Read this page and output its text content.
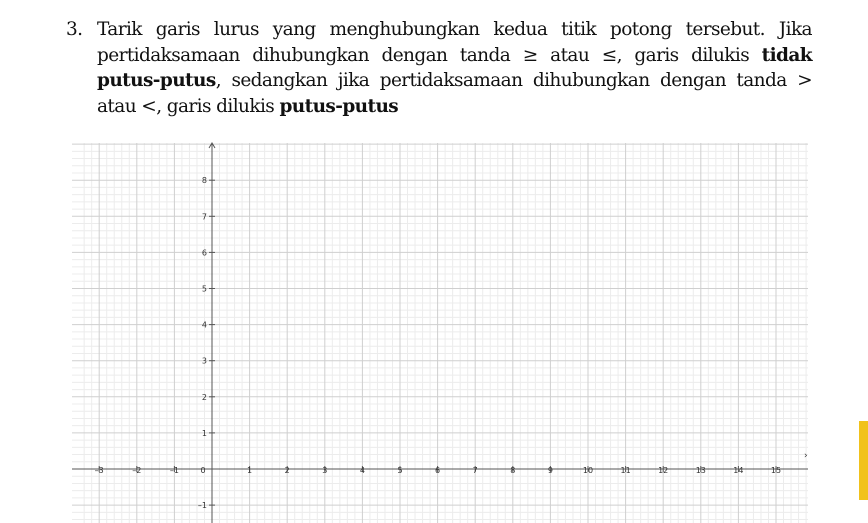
3. Tarik garis lurus yang menghubungkan kedua titik potong tersebut. Jika pertidaksamaan dihubungkan dengan tanda ≥ atau ≤, garis dilukis tidak putus-putus, sedangkan jika pertidaksamaan dihubungkan dengan tanda > atau <, garis dilukis putus-putus
–3	–2	–1	0	1	2	3	4	5	6	7	8	9	10	11	12	13	14	15
–1
1
2
3
4
5
6
7
8
›
